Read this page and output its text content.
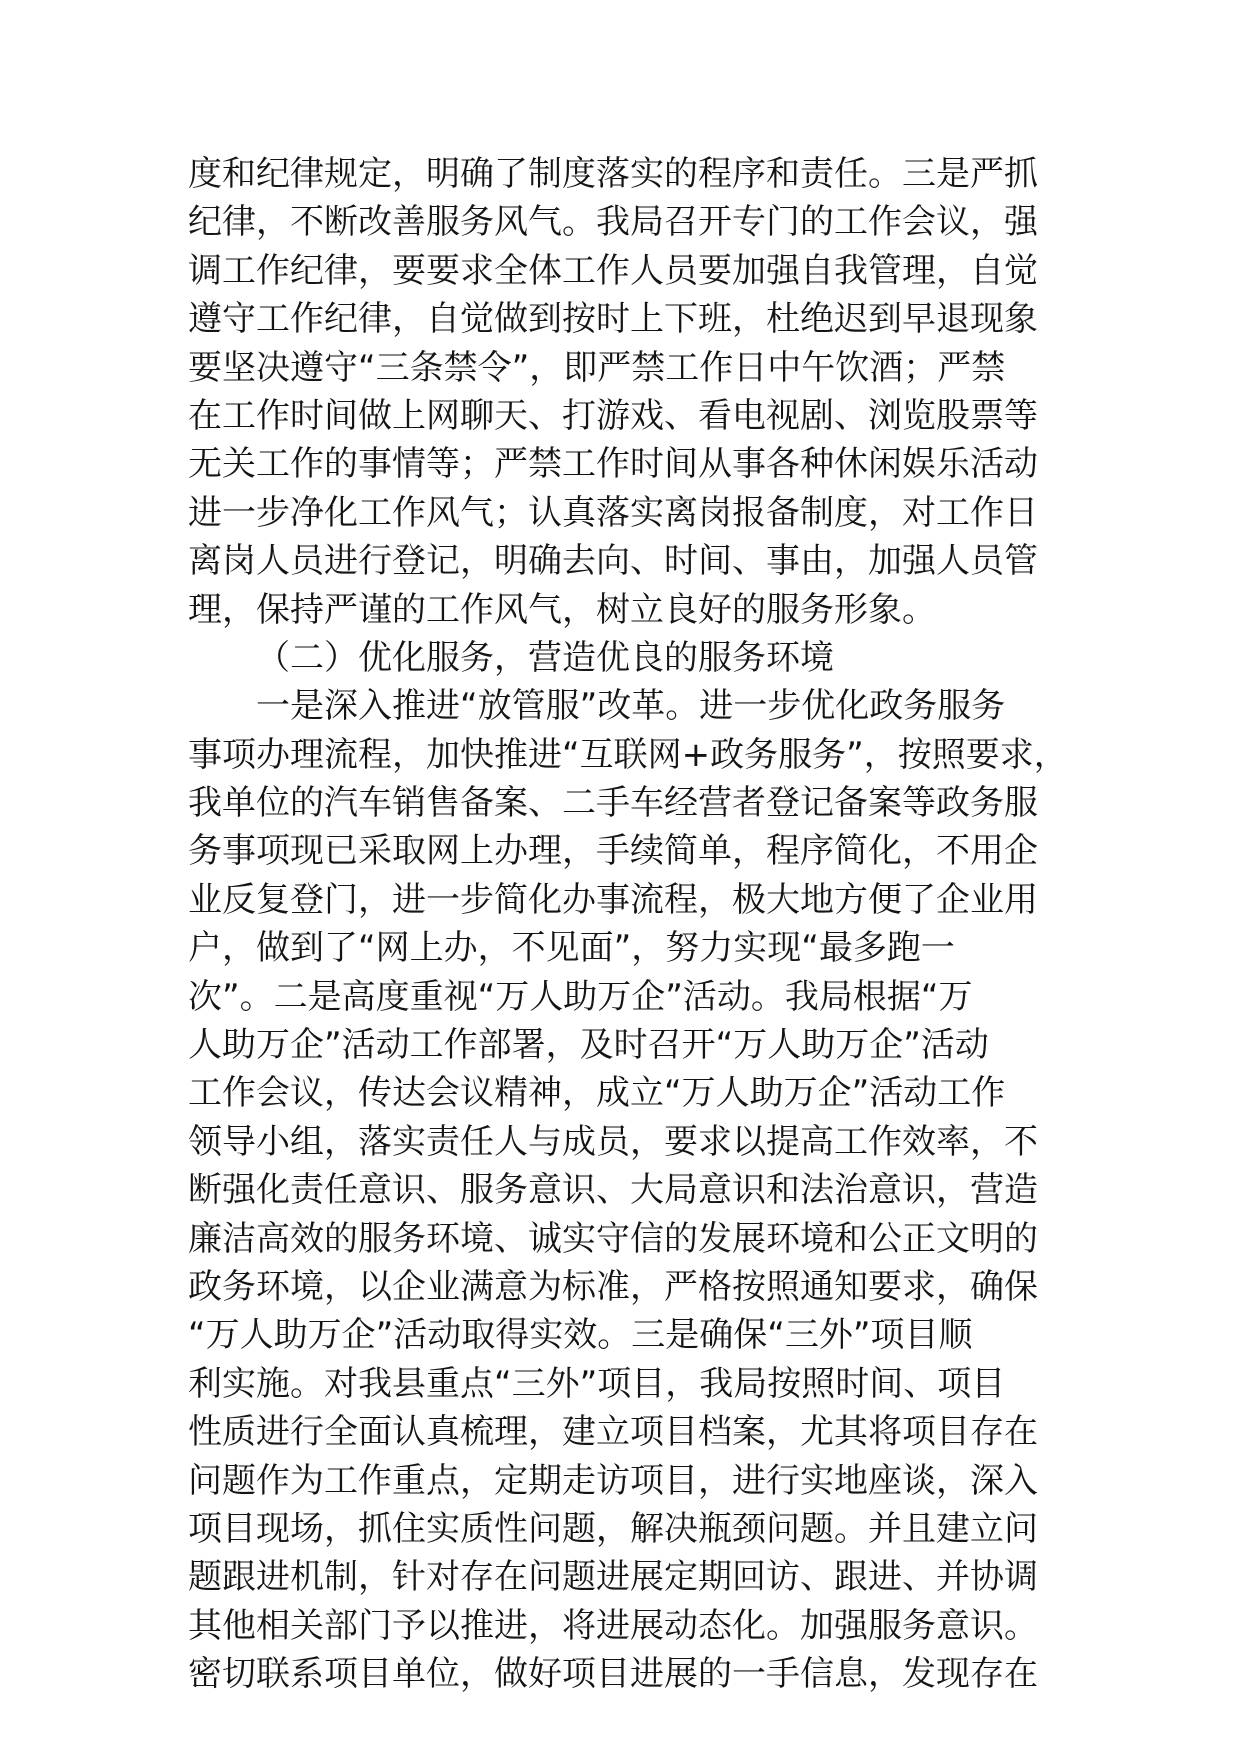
度和纪律规定，明确了制度落实的程序和责任。三是严抓
纪律，不断改善服务风气。我局召开专门的工作会议，强
调工作纪律，要要求全体工作人员要加强自我管理，自觉
遵守工作纪律，自觉做到按时上下班，杜绝迟到早退现象
要坚决遵守“三条禁令”，即严禁工作日中午饮酒；严禁
在工作时间做上网聊天、打游戏、看电视剧、浏览股票等
无关工作的事情等；严禁工作时间从事各种休闲娱乐活动
进一步净化工作风气；认真落实离岗报备制度，对工作日
离岗人员进行登记，明确去向、时间、事由，加强人员管
理，保持严谨的工作风气，树立良好的服务形象。
（二）优化服务，营造优良的服务环境
一是深入推进“放管服”改革。进一步优化政务服务
事项办理流程，加快推进“互联网+政务服务”，按照要求，
我单位的汽车销售备案、二手车经营者登记备案等政务服
务事项现已采取网上办理，手续简单，程序简化，不用企
业反复登门，进一步简化办事流程，极大地方便了企业用
户，做到了“网上办，不见面”，努力实现“最多跑一
次”。二是高度重视“万人助万企”活动。我局根据“万
人助万企”活动工作部署，及时召开“万人助万企”活动
工作会议，传达会议精神，成立“万人助万企”活动工作
领导小组，落实责任人与成员，要求以提高工作效率，不
断强化责任意识、服务意识、大局意识和法治意识，营造
廉洁高效的服务环境、诚实守信的发展环境和公正文明的
政务环境，以企业满意为标准，严格按照通知要求，确保
“万人助万企”活动取得实效。三是确保“三外”项目顺
利实施。对我县重点“三外”项目，我局按照时间、项目
性质进行全面认真梳理，建立项目档案，尤其将项目存在
问题作为工作重点，定期走访项目，进行实地座谈，深入
项目现场，抓住实质性问题，解决瓶颈问题。并且建立问
题跟进机制，针对存在问题进展定期回访、跟进、并协调
其他相关部门予以推进，将进展动态化。加强服务意识。
密切联系项目单位，做好项目进展的一手信息，发现存在
